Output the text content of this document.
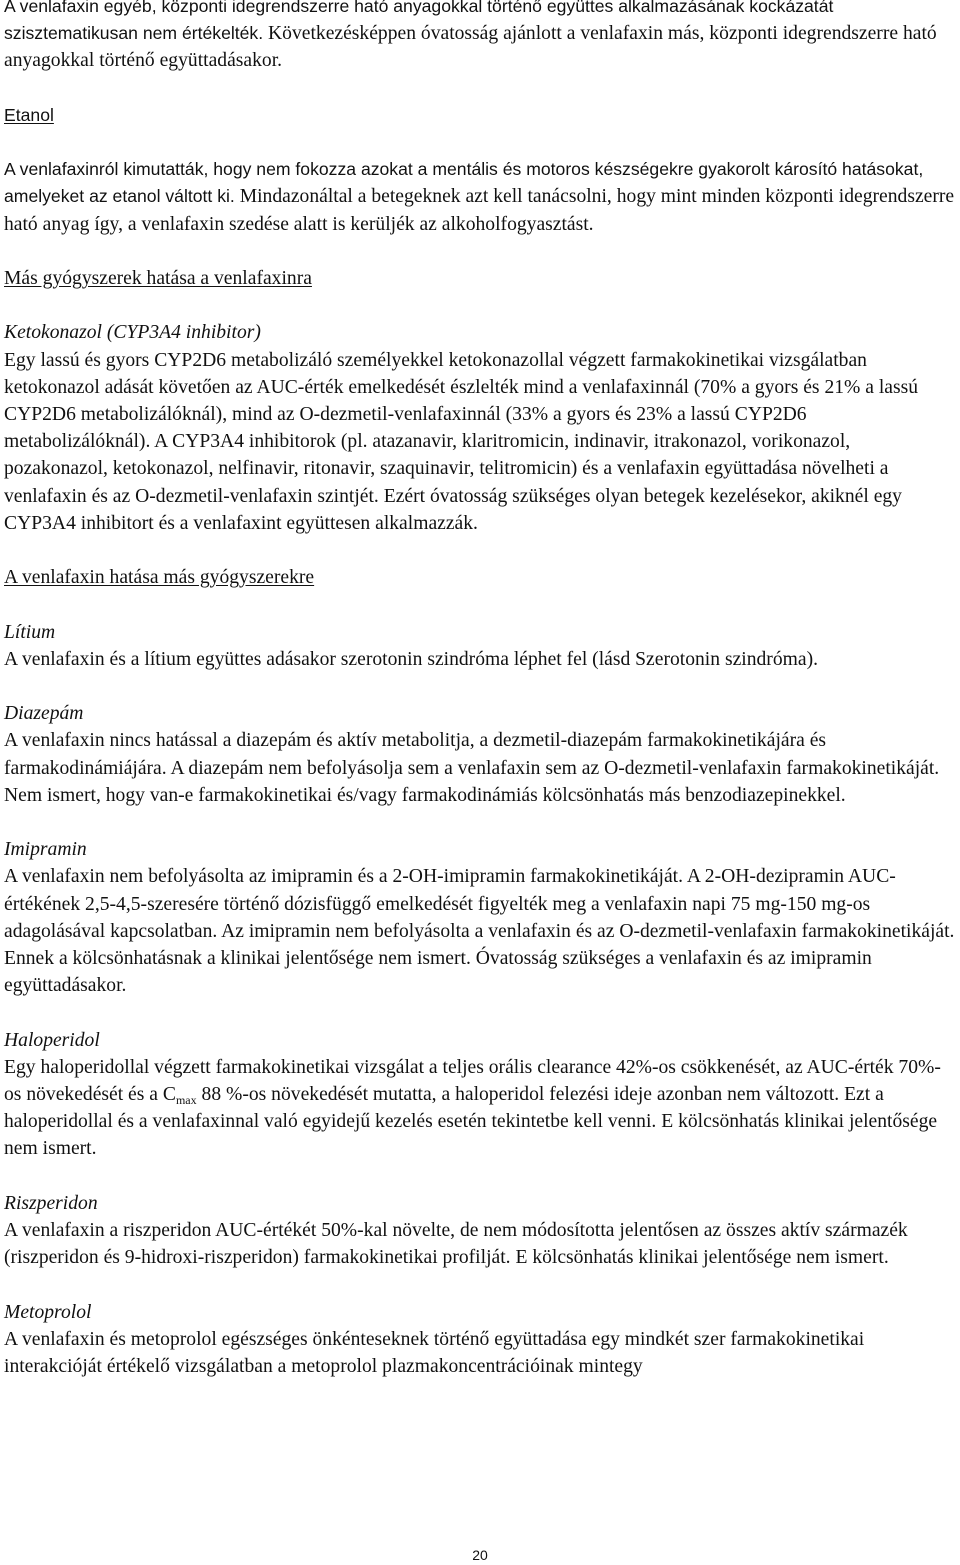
A venlafaxin egyéb, központi idegrendszerre ható anyagokkal történő együttes alkalmazásának kockázatát szisztematikusan nem értékelték. Következésképpen óvatosság ajánlott a venlafaxin más, központi idegrendszerre ható anyagokkal történő együttadásakor.

Etanol

A venlafaxinról kimutatták, hogy nem fokozza azokat a mentális és motoros készségekre gyakorolt károsító hatásokat, amelyeket az etanol váltott ki. Mindazonáltal a betegeknek azt kell tanácsolni, hogy mint minden központi idegrendszerre ható anyag így, a venlafaxin szedése alatt is kerüljék az alkoholfogyasztást.

Más gyógyszerek hatása a venlafaxinra
Ketokonazol (CYP3A4 inhibitor)

Egy lassú és gyors CYP2D6 metabolizáló személyekkel ketokonazollal végzett farmakokinetikai vizsgálatban ketokonazol adását követően az AUC-érték emelkedését észlelték mind a venlafaxinnál (70% a gyors és 21% a lassú CYP2D6 metabolizálóknál), mind az O-dezmetil-venlafaxinnál (33% a gyors és 23% a lassú CYP2D6 metabolizálóknál). A CYP3A4 inhibitorok (pl. atazanavir, klaritromicin, indinavir, itrakonazol, vorikonazol, pozakonazol, ketokonazol, nelfinavir, ritonavir, szaquinavir, telitromicin) és a venlafaxin együttadása növelheti a venlafaxin és az O-dezmetil-venlafaxin szintjét. Ezért óvatosság szükséges olyan betegek kezelésekor, akiknél egy CYP3A4 inhibitort és a venlafaxint együttesen alkalmazzák.

A venlafaxin hatása más gyógyszerekre
Lítium

A venlafaxin és a lítium együttes adásakor szerotonin szindróma léphet fel (lásd Szerotonin szindróma).

Diazepám

A venlafaxin nincs hatással a diazepám és aktív metabolitja, a dezmetil-diazepám farmakokinetikájára és farmakodinámiájára. A diazepám nem befolyásolja sem a venlafaxin sem az O-dezmetil-venlafaxin farmakokinetikáját. Nem ismert, hogy van-e farmakokinetikai és/vagy farmakodinámiás kölcsönhatás más benzodiazepinekkel.

Imipramin

A venlafaxin nem befolyásolta az imipramin és a 2-OH-imipramin farmakokinetikáját. A 2-OH-dezipramin AUC-értékének 2,5-4,5-szeresére történő dózisfüggő emelkedését figyelték meg a venlafaxin napi 75 mg-150 mg-os adagolásával kapcsolatban. Az imipramin nem befolyásolta a venlafaxin és az O-dezmetil-venlafaxin farmakokinetikáját. Ennek a kölcsönhatásnak a klinikai jelentősége nem ismert. Óvatosság szükséges a venlafaxin és az imipramin együttadásakor.

Haloperidol

Egy haloperidollal végzett farmakokinetikai vizsgálat a teljes orális clearance 42%-os csökkenését, az AUC-érték 70%-os növekedését és a $C_{max}$ 88 %-os növekedését mutatta, a haloperidol felezési ideje azonban nem változott. Ezt a haloperidollal és a venlafaxinnal való egyidejű kezelés esetén tekintetbe kell venni. E kölcsönhatás klinikai jelentősége nem ismert.

Riszperidon

A venlafaxin a riszperidon AUC-értékét 50%-kal növelte, de nem módosította jelentősen az összes aktív származék (riszperidon és 9-hidroxi-riszperidon) farmakokinetikai profilját. E kölcsönhatás klinikai jelentősége nem ismert.

Metoprolol

A venlafaxin és metoprolol egészséges önkénteseknek történő együttadása egy mindkét szer farmakokinetikai interakcióját értékelő vizsgálatban a metoprolol plazmakoncentrációinak mintegy

20
